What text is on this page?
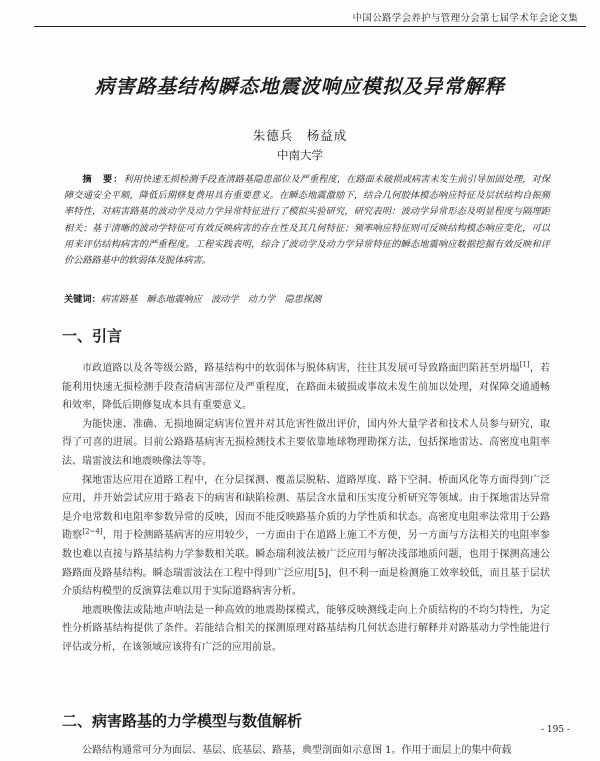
中国公路学会养护与管理分会第七届学术年会论文集
病害路基结构瞬态地震波响应模拟及异常解释
朱德兵　杨益成
中南大学
摘　要：利用快速无损检测手段查清路基隐患部位及严重程度，在路面未破损或病害未发生前引导加固处理，对保障交通安全平顺，降低后期修复费用具有重要意义。在瞬态地震激励下，结合几何胶体模态响应特征及层状结构自振频率特性，对病害路基的波动学及动力学异常特征进行了模拟实验研究，研究表明：波动学异常形态及明显程度与隔埋距相关；基于清晰的波动学特征可有效反映病害的存在性及其几何特征；频率响应特征则可反映结构模态响应变化，可以用来评估结构病害的严重程度。工程实践表明，综合了波动学及动力学异常特征的瞬态地震响应数据挖掘有效反映和评价公路路基中的软弱体及脱体病害。
关键词：病害路基　瞬态地震响应　波动学　动力学　隐患探测
一、引言

市政道路以及各等级公路，路基结构中的软弱体与脱体病害，往往其发展可导致路面凹陷甚至坍塌[1]，若能利用快速无损检测手段查清病害部位及严重程度，在路面未破损或事故未发生前加以处理，对保障交通通畅和效率，降低后期修复成本具有重要意义。

为能快速、准确、无损地圈定病害位置并对其危害性做出评价，国内外大量学者和技术人员参与研究，取得了可喜的进展。目前公路路基病害无损检测技术主要依靠地球物理勘探方法，包括探地雷达、高密度电阻率法、瑞雷波法和地震映像法等等。

探地雷达应用在道路工程中，在分层探测、覆盖层脱粘、道路厚度、路下空洞、桥面风化等方面得到广泛应用，并开始尝试应用于路表下的病害和缺陷检测、基层含水量和压实度分析研究等领域。由于探地雷达异常是介电常数和电阻率参数异常的反映，因而不能反映路基介质的力学性质和状态。高密度电阻率法常用于公路勘察[2~4]，用于检测路基病害的应用较少，一方面由于在道路上施工不方便，另一方面与方法相关的电阻率参数也难以直接与路基结构力学参数相关联。瞬态瑞利波法被广泛应用与解决浅部地质问题，也用于探测高速公路路面及路基结构。瞬态瑞雷波法在工程中得到广泛应用[5]，但不利一面是检测施工效率较低，而且基于层状介质结构模型的反演算法难以用于实际道路病害分析。

地震映像法或陆地声呐法是一种高效的地震勘探模式，能够反映测线走向上介质结构的不均匀特性，为定性分析路基结构提供了条件。若能结合相关的探测原理对路基结构几何状态进行解释并对路基动力学性能进行评估或分析，在该领域应该将有广泛的应用前景。

二、病害路基的力学模型与数值解析

公路结构通常可分为面层、基层、底基层、路基，典型剖面如示意图 1。作用于面层上的集中荷载

- 195 -
